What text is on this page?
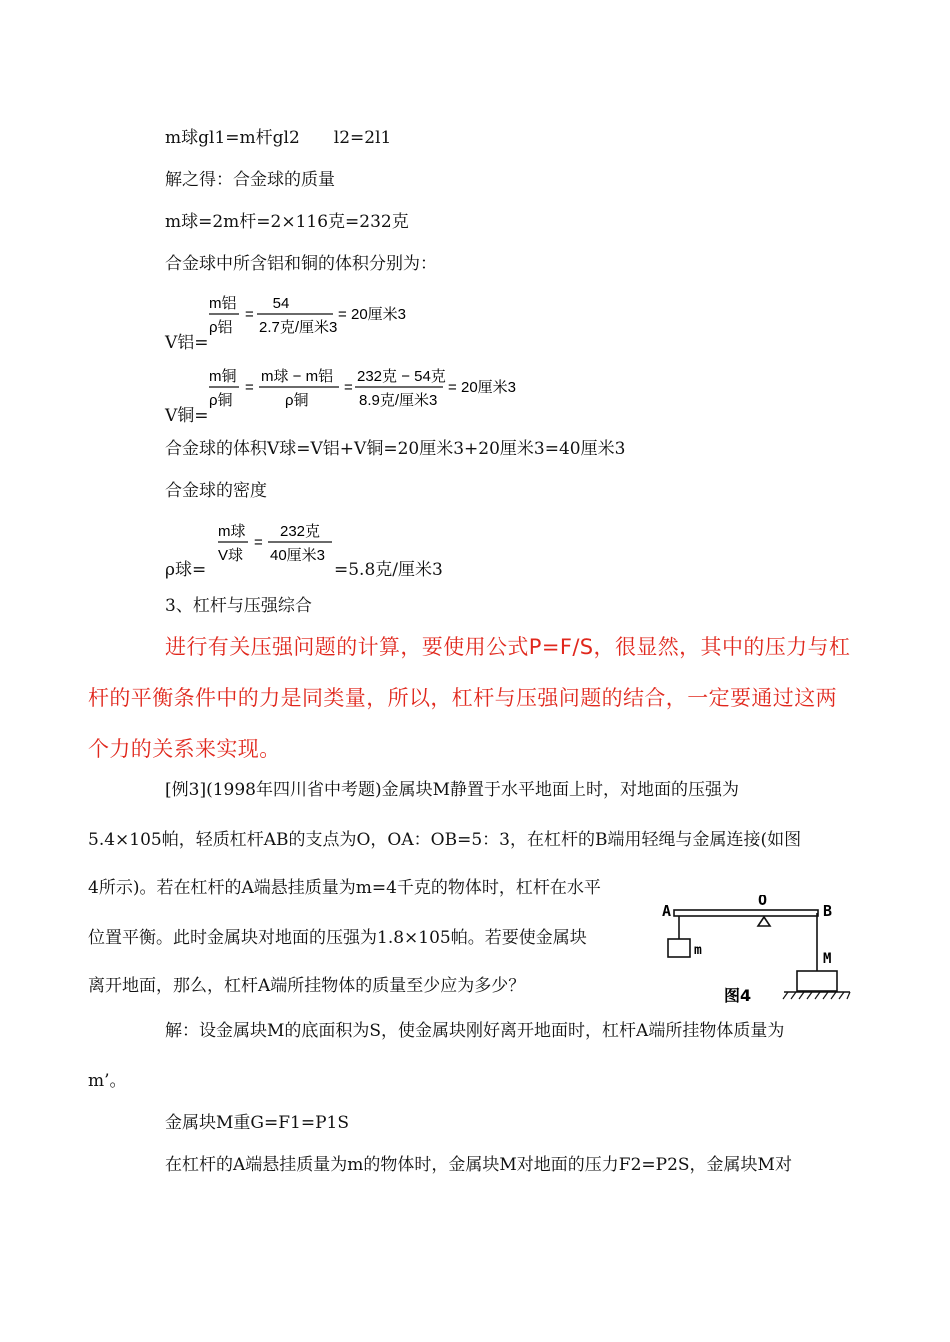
m球gl1=m杆gl2　　l2=2l1
解之得：合金球的质量
m球=2m杆=2×116克=232克
合金球中所含铝和铜的体积分别为：
V铝=
m铝
ρ铝
=
54
2.7克/厘米3
= 20厘米3
V铜=
m铜
ρ铜
=
m球 − m铝
ρ铜
=
232克 − 54克
8.9克/厘米3
= 20厘米3
合金球的体积V球=V铝+V铜=20厘米3+20厘米3=40厘米3
合金球的密度
ρ球=
m球
V球
=
232克
40厘米3
=5.8克/厘米3
3、杠杆与压强综合
进行有关压强问题的计算，要使用公式P=F/S，很显然，其中的压力与杠
杆的平衡条件中的力是同类量，所以，杠杆与压强问题的结合，一定要通过这两
个力的关系来实现。
[例3](1998年四川省中考题)金属块M静置于水平地面上时，对地面的压强为
5.4×105帕，轻质杠杆AB的支点为O，OA：OB=5：3，在杠杆的B端用轻绳与金属连接(如图
4所示)。若在杠杆的A端悬挂质量为m=4千克的物体时，杠杆在水平
位置平衡。此时金属块对地面的压强为1.8×105帕。若要使金属块
离开地面，那么，杠杆A端所挂物体的质量至少应为多少？
A
O
B
m
M
图4
解：设金属块M的底面积为S，使金属块刚好离开地面时，杠杆A端所挂物体质量为
m’。
金属块M重G=F1=P1S
在杠杆的A端悬挂质量为m的物体时，金属块M对地面的压力F2=P2S，金属块M对
